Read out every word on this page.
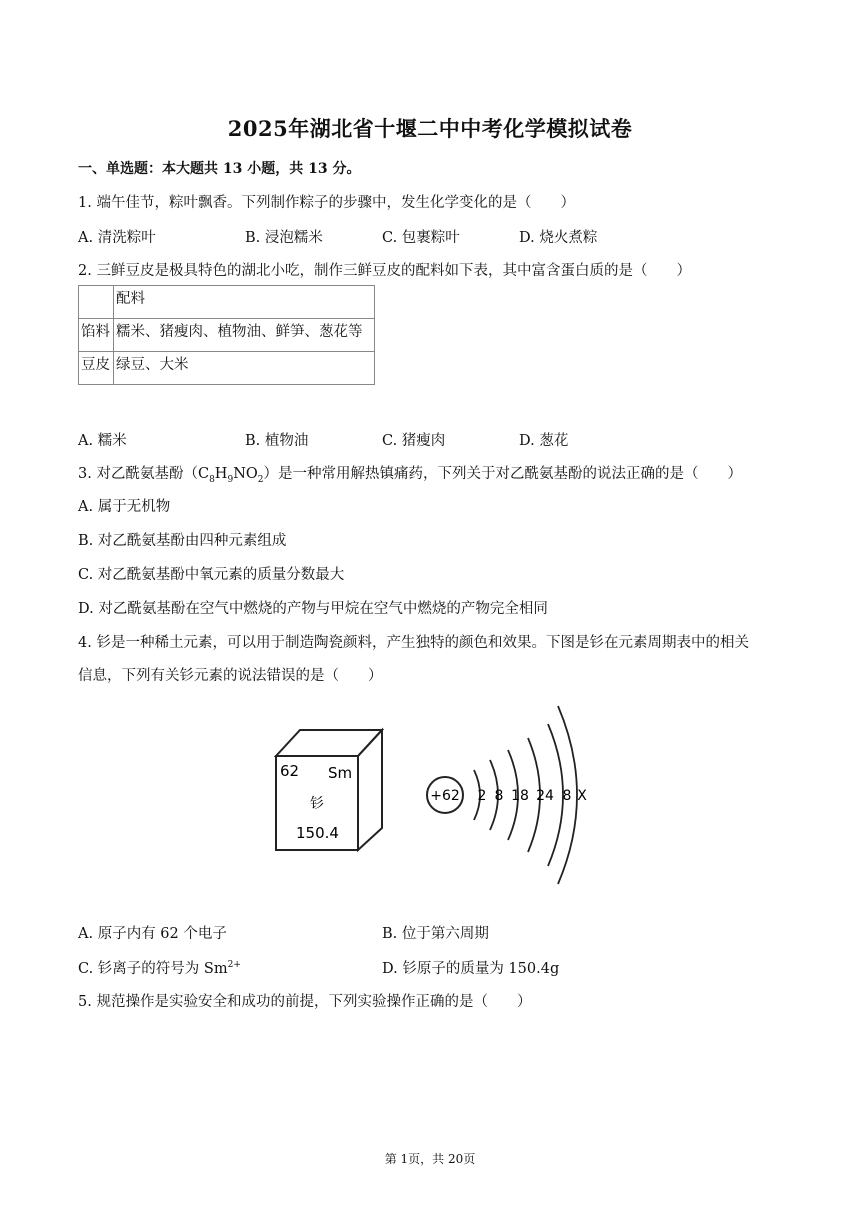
2025年湖北省十堰二中中考化学模拟试卷
一、单选题：本大题共 13 小题，共 13 分。
1. 端午佳节，粽叶飘香。下列制作粽子的步骤中，发生化学变化的是（　　）
A. 清洗粽叶	B. 浸泡糯米	C. 包裹粽叶	D. 烧火煮粽
2. 三鲜豆皮是极具特色的湖北小吃，制作三鲜豆皮的配料如下表，其中富含蛋白质的是（　　）
	配料
馅料	糯米、猪瘦肉、植物油、鲜笋、葱花等
豆皮	绿豆、大米
A. 糯米	B. 植物油	C. 猪瘦肉	D. 葱花
3. 对乙酰氨基酚$(C_8H_9NO_2)$是一种常用解热镇痛药，下列关于对乙酰氨基酚的说法正确的是（　　）
A. 属于无机物
B. 对乙酰氨基酚由四种元素组成
C. 对乙酰氨基酚中氧元素的质量分数最大
D. 对乙酰氨基酚在空气中燃烧的产物与甲烷在空气中燃烧的产物完全相同
4. 钐是一种稀土元素，可以用于制造陶瓷颜料，产生独特的颜色和效果。下图是钐在元素周期表中的相关
信息，下列有关钐元素的说法错误的是（　　）
62 Sm
钐
150.4
+62 2 8 18 24 8 X
A. 原子内有 62 个电子	B. 位于第六周期
C. 钐离子的符号为 $Sm^{2+}$	D. 钐原子的质量为 150.4g
5. 规范操作是实验安全和成功的前提，下列实验操作正确的是（　　）
第 1页，共 20页
